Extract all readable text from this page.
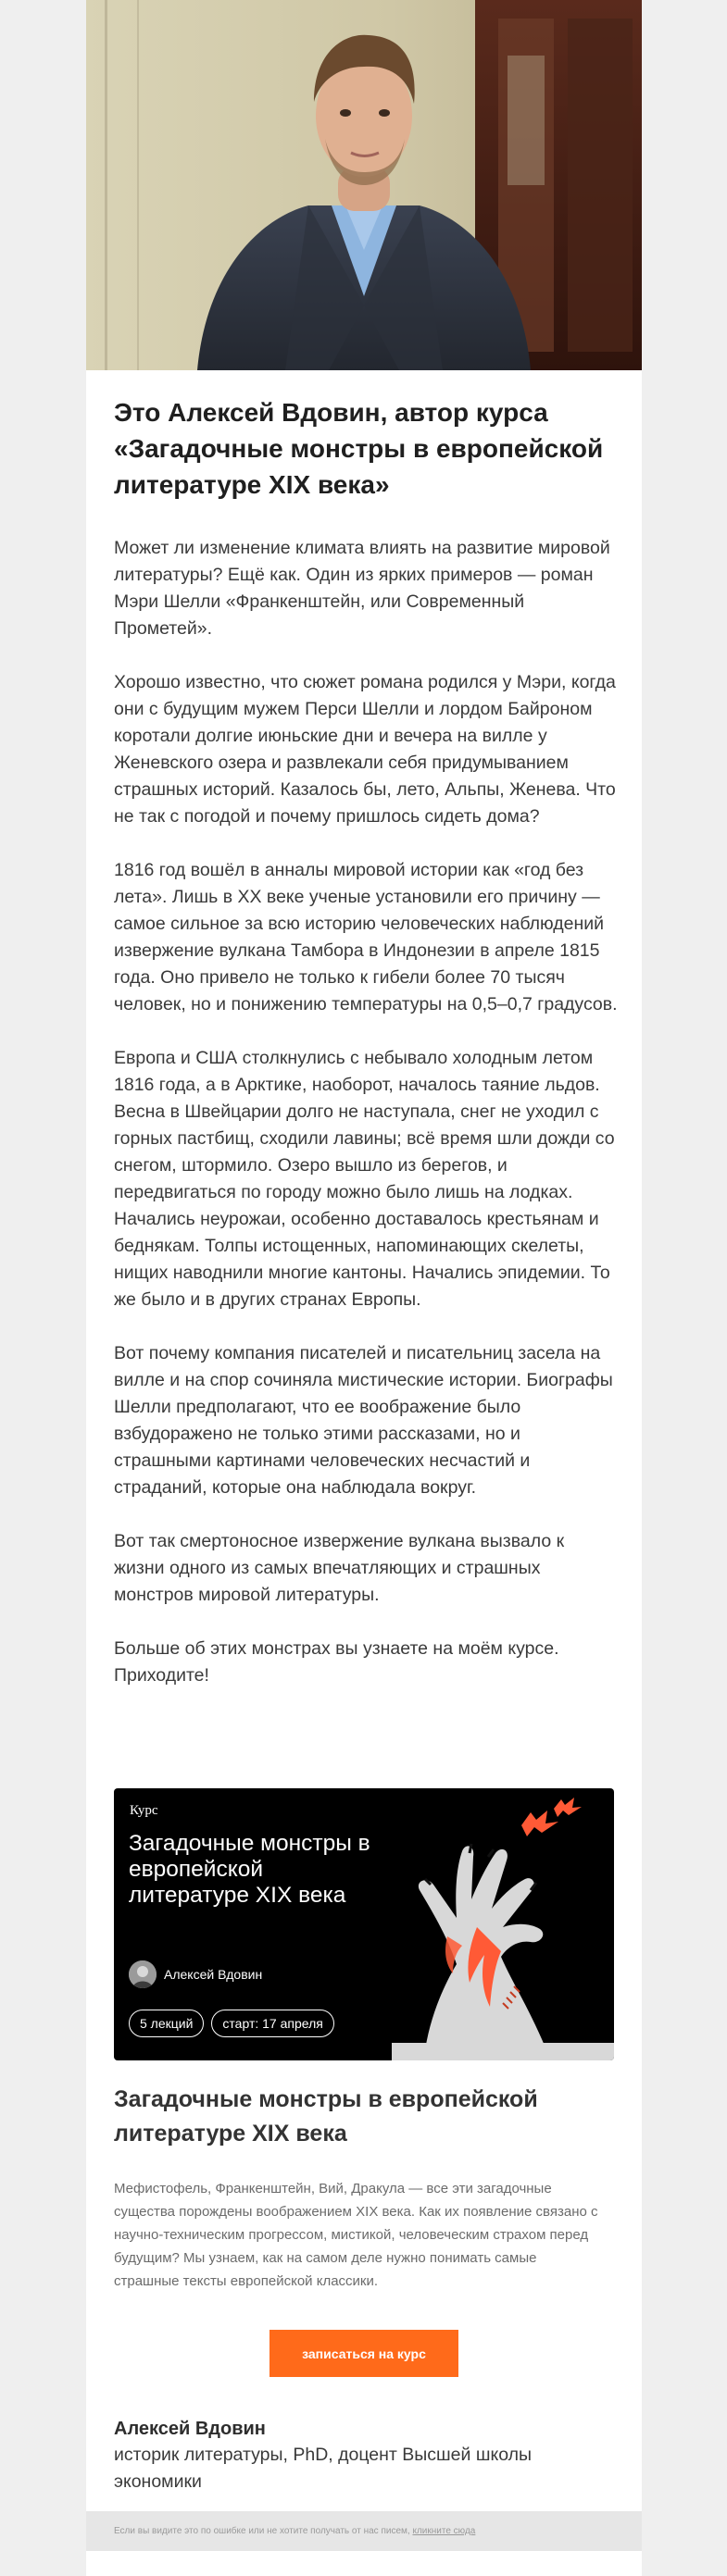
Это Алексей Вдовин, автор курса «Загадочные монстры в европейской литературе XIX века»

Может ли изменение климата влиять на развитие мировой литературы? Ещё как. Один из ярких примеров — роман Мэри Шелли «Франкенштейн, или Современный Прометей».

Хорошо известно, что сюжет романа родился у Мэри, когда они с будущим мужем Перси Шелли и лордом Байроном коротали долгие июньские дни и вечера на вилле у Женевского озера и развлекали себя придумыванием страшных историй. Казалось бы, лето, Альпы, Женева. Что не так с погодой и почему пришлось сидеть дома?

1816 год вошёл в анналы мировой истории как «год без лета». Лишь в XX веке ученые установили его причину — самое сильное за всю историю человеческих наблюдений извержение вулкана Тамбора в Индонезии в апреле 1815 года. Оно привело не только к гибели более 70 тысяч человек, но и понижению температуры на 0,5–0,7 градусов.

Европа и США столкнулись с небывало холодным летом 1816 года, а в Арктике, наоборот, началось таяние льдов. Весна в Швейцарии долго не наступала, снег не уходил с горных пастбищ, сходили лавины; всё время шли дожди со снегом, штормило. Озеро вышло из берегов, и передвигаться по городу можно было лишь на лодках. Начались неурожаи, особенно доставалось крестьянам и беднякам. Толпы истощенных, напоминающих скелеты, нищих наводнили многие кантоны. Начались эпидемии. То же было и в других странах Европы.

Вот почему компания писателей и писательниц засела на вилле и на спор сочиняла мистические истории. Биографы Шелли предполагают, что ее воображение было взбудоражено не только этими рассказами, но и страшными картинами человеческих несчастий и страданий, которые она наблюдала вокруг.

Вот так смертоносное извержение вулкана вызвало к жизни одного из самых впечатляющих и страшных монстров мировой литературы.

Больше об этих монстрах вы узнаете на моём курсе. Приходите!

Курс
Загадочные монстры в европейской литературе XIX века
Алексей Вдовин
5 лекций	старт: 17 апреля
Загадочные монстры в европейской литературе XIX века

Мефистофель, Франкенштейн, Вий, Дракула — все эти загадочные существа порождены воображением XIX века. Как их появление связано с научно-техническим прогрессом, мистикой, человеческим страхом перед будущим? Мы узнаем, как на самом деле нужно понимать самые страшные тексты европейской классики.

записаться на курс
Алексей Вдовин
историк литературы, PhD, доцент Высшей школы экономики
Если вы видите это по ошибке или не хотите получать от нас писем, кликните сюда
